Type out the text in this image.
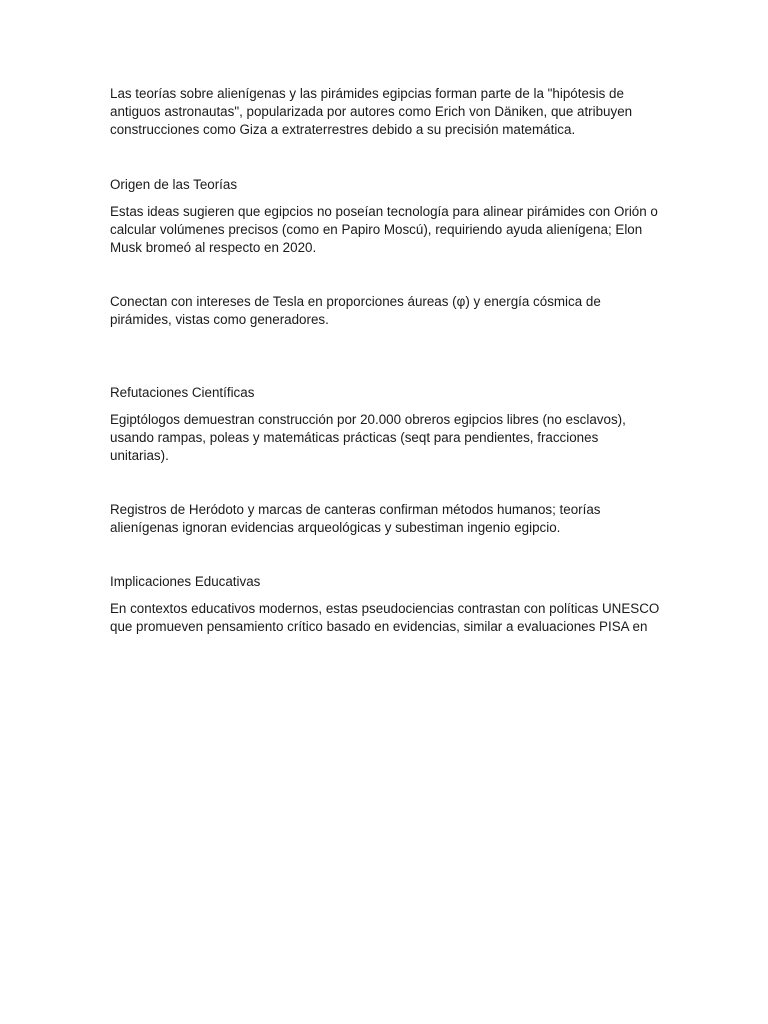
Las teorías sobre alienígenas y las pirámides egipcias forman parte de la "hipótesis de antiguos astronautas", popularizada por autores como Erich von Däniken, que atribuyen construcciones como Giza a extraterrestres debido a su precisión matemática.

Origen de las Teorías

Estas ideas sugieren que egipcios no poseían tecnología para alinear pirámides con Orión o calcular volúmenes precisos (como en Papiro Moscú), requiriendo ayuda alienígena; Elon Musk bromeó al respecto en 2020.

Conectan con intereses de Tesla en proporciones áureas (φ) y energía cósmica de pirámides, vistas como generadores.

Refutaciones Científicas

Egiptólogos demuestran construcción por 20.000 obreros egipcios libres (no esclavos), usando rampas, poleas y matemáticas prácticas (seqt para pendientes, fracciones unitarias).

Registros de Heródoto y marcas de canteras confirman métodos humanos; teorías alienígenas ignoran evidencias arqueológicas y subestiman ingenio egipcio.

Implicaciones Educativas

En contextos educativos modernos, estas pseudociencias contrastan con políticas UNESCO que promueven pensamiento crítico basado en evidencias, similar a evaluaciones PISA en
